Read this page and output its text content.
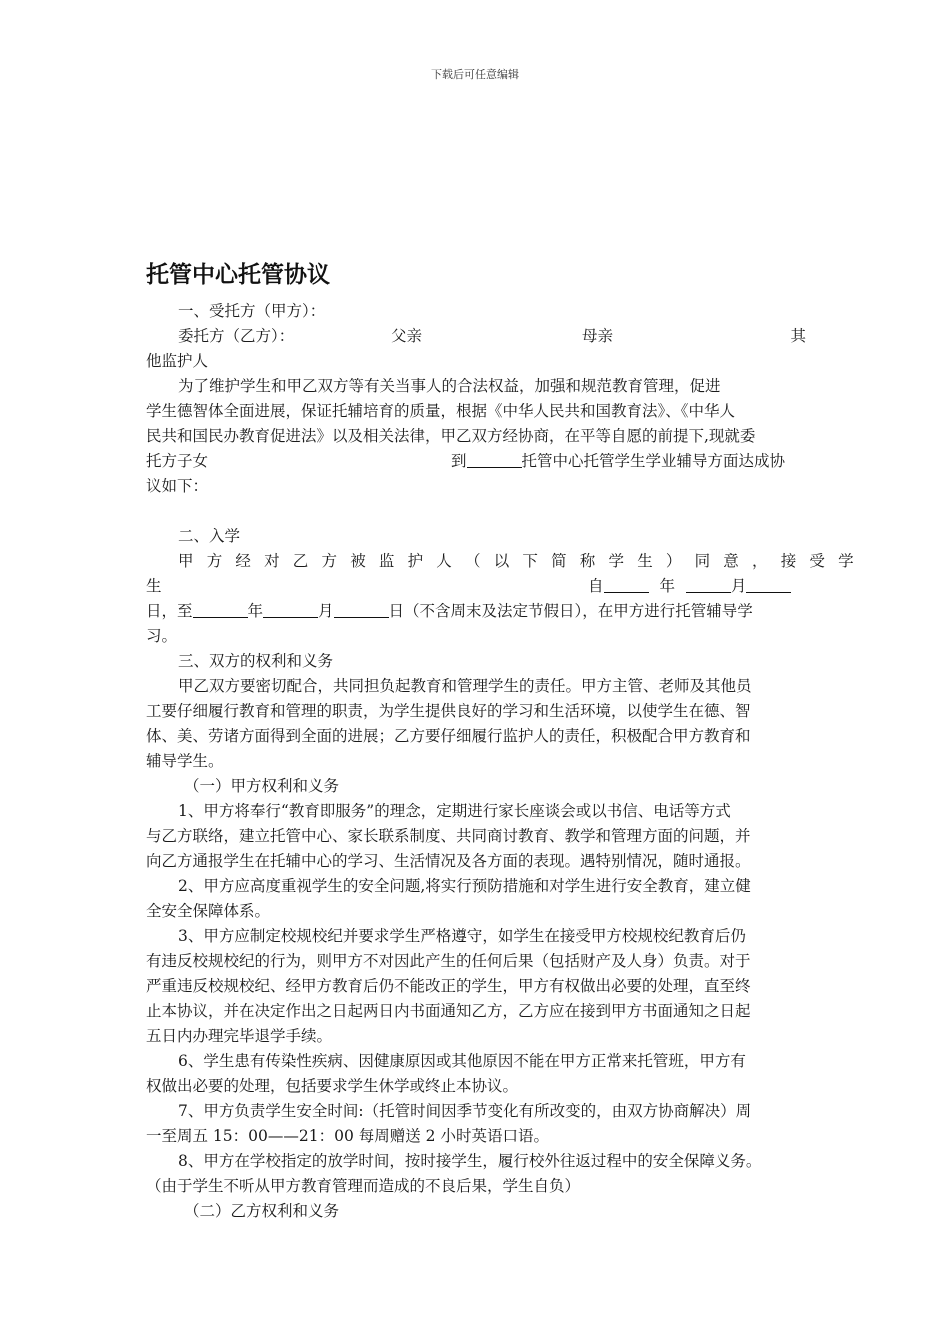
下载后可任意编辑
托管中心托管协议
一、受托方（甲方）：
委托方（乙方）：	父亲	母亲	其
他监护人
为了维护学生和甲乙双方等有关当事人的合法权益，加强和规范教育管理，促进
学生德智体全面进展，保证托辅培育的质量，根据《中华人民共和国教育法》、《中华人
民共和国民办教育促进法》以及相关法律，甲乙双方经协商，在平等自愿的前提下,现就委
托方子女	到	托管中心托管学生学业辅导方面达成协
议如下：
二、入学
甲方经对乙方被监护人（以下简称学生）同意，接受学
生	自	年	月
日，至	年	月	日（不含周末及法定节假日），在甲方进行托管辅导学
习。
三、双方的权利和义务
甲乙双方要密切配合，共同担负起教育和管理学生的责任。甲方主管、老师及其他员
工要仔细履行教育和管理的职责，为学生提供良好的学习和生活环境，以使学生在德、智
体、美、劳诸方面得到全面的进展；乙方要仔细履行监护人的责任，积极配合甲方教育和
辅导学生。
（一）甲方权利和义务
1、甲方将奉行“教育即服务”的理念，定期进行家长座谈会或以书信、电话等方式
与乙方联络，建立托管中心、家长联系制度、共同商讨教育、教学和管理方面的问题，并
向乙方通报学生在托辅中心的学习、生活情况及各方面的表现。遇特别情况，随时通报。
2、甲方应高度重视学生的安全问题,将实行预防措施和对学生进行安全教育，建立健
全安全保障体系。
3、甲方应制定校规校纪并要求学生严格遵守，如学生在接受甲方校规校纪教育后仍
有违反校规校纪的行为，则甲方不对因此产生的任何后果（包括财产及人身）负责。对于
严重违反校规校纪、经甲方教育后仍不能改正的学生，甲方有权做出必要的处理，直至终
止本协议，并在决定作出之日起两日内书面通知乙方，乙方应在接到甲方书面通知之日起
五日内办理完毕退学手续。
6、学生患有传染性疾病、因健康原因或其他原因不能在甲方正常来托管班，甲方有
权做出必要的处理，包括要求学生休学或终止本协议。
7、甲方负责学生安全时间:（托管时间因季节变化有所改变的，由双方协商解决）周
一至周五 15：00——21：00 每周赠送 2 小时英语口语。
8、甲方在学校指定的放学时间，按时接学生，履行校外往返过程中的安全保障义务。
（由于学生不听从甲方教育管理而造成的不良后果，学生自负）
（二）乙方权利和义务
